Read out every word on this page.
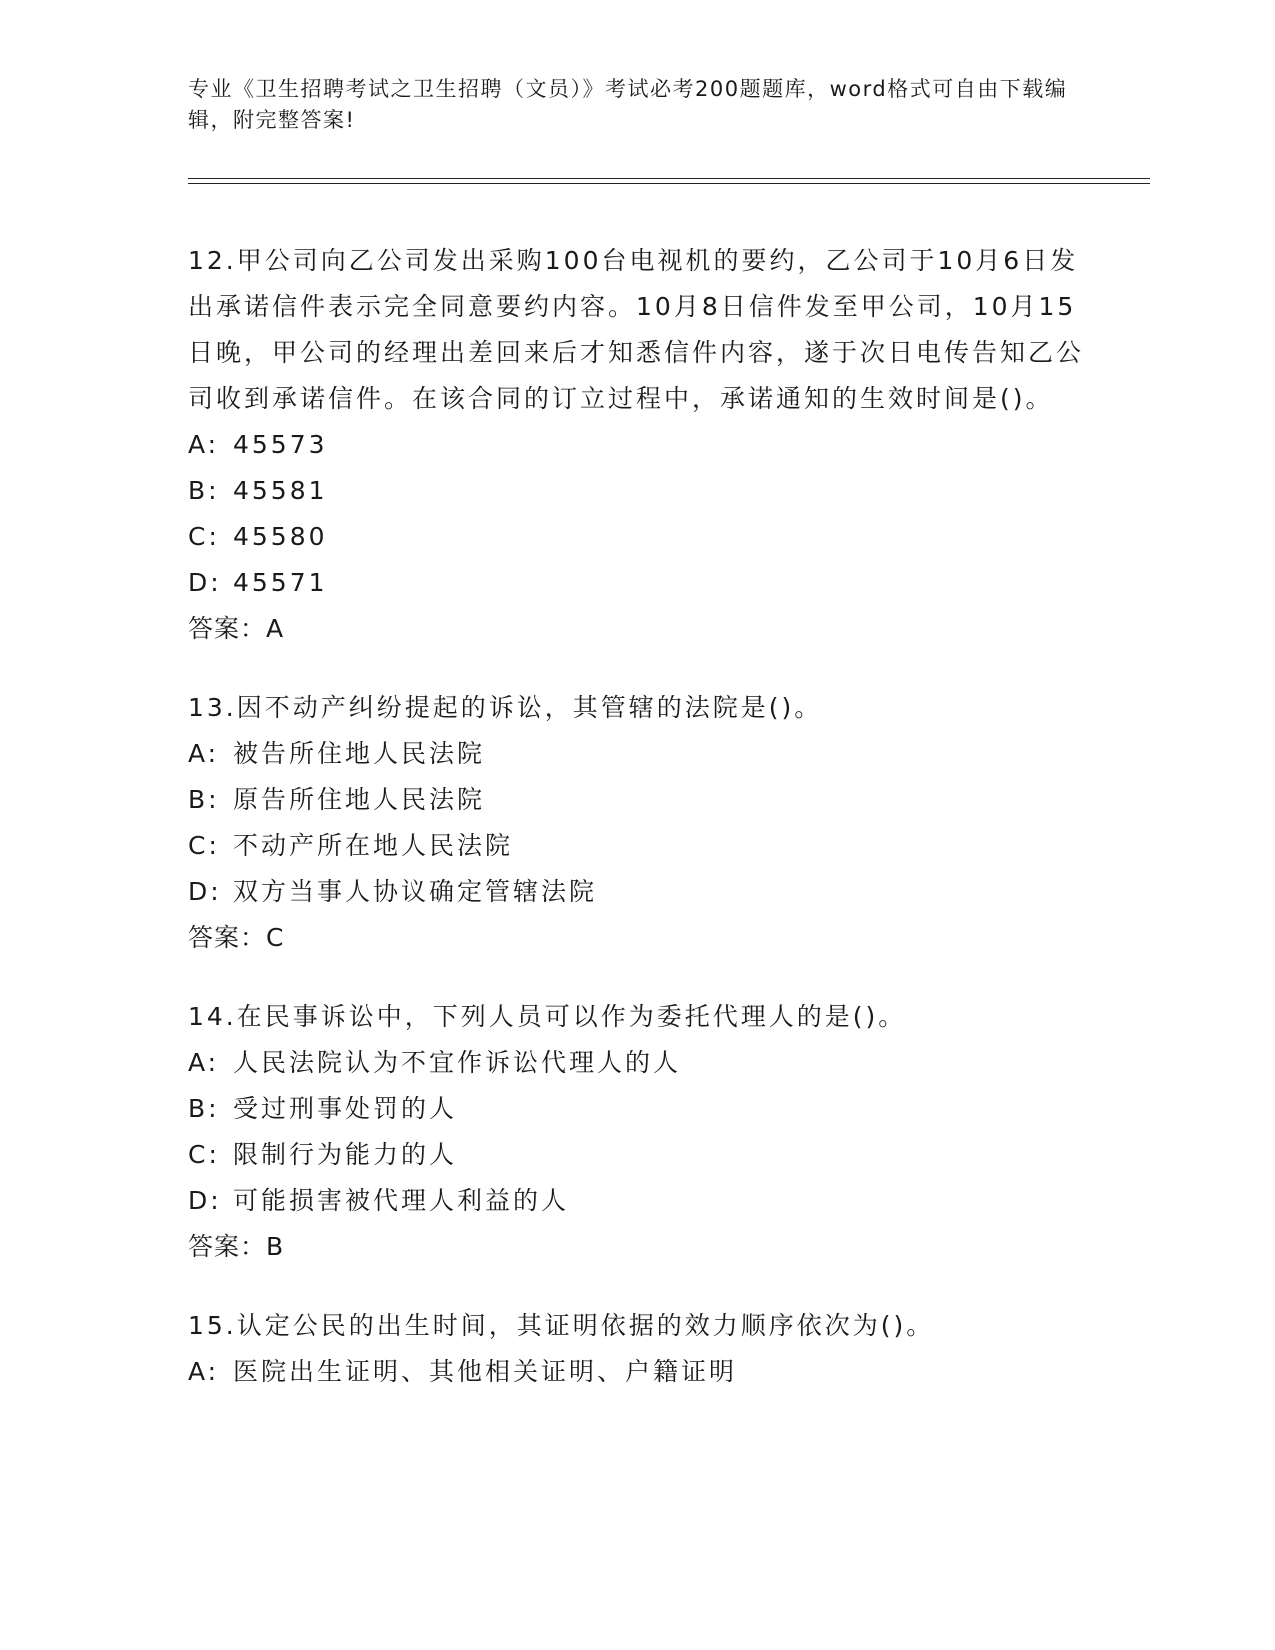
专业《卫生招聘考试之卫生招聘（文员）》考试必考200题题库，word格式可自由下载编辑，附完整答案!
12.甲公司向乙公司发出采购100台电视机的要约，乙公司于10月6日发出承诺信件表示完全同意要约内容。10月8日信件发至甲公司，10月15日晚，甲公司的经理出差回来后才知悉信件内容，遂于次日电传告知乙公司收到承诺信件。在该合同的订立过程中，承诺通知的生效时间是()。
A: 45573
B: 45581
C: 45580
D: 45571
答案：A
13.因不动产纠纷提起的诉讼，其管辖的法院是()。
A: 被告所住地人民法院
B: 原告所住地人民法院
C: 不动产所在地人民法院
D: 双方当事人协议确定管辖法院
答案：C
14.在民事诉讼中，下列人员可以作为委托代理人的是()。
A: 人民法院认为不宜作诉讼代理人的人
B: 受过刑事处罚的人
C: 限制行为能力的人
D: 可能损害被代理人利益的人
答案：B
15.认定公民的出生时间，其证明依据的效力顺序依次为()。
A: 医院出生证明、其他相关证明、户籍证明
